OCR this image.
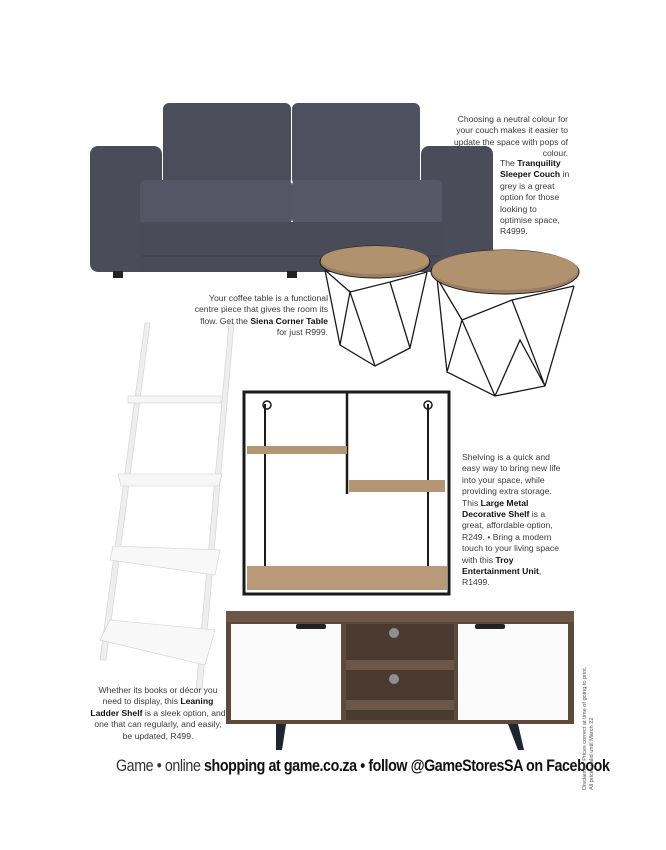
Choosing a neutral colour for your couch makes it easier to update the space with pops of colour.
The Tranquility Sleeper Couch in grey is a great option for those looking to optimise space, R4999.
Your coffee table is a functional centre piece that gives the room its flow. Get the Siena Corner Table for just R999.
Shelving is a quick and easy way to bring new life into your space, while providing extra storage. This Large Metal Decorative Shelf is a great, affordable option, R249. • Bring a modern touch to your living space with this Troy Entertainment Unit, R1499.
Whether its books or décor you need to display, this Leaning Ladder Shelf is a sleek option, and one that can regularly, and easily, be updated, R499.
Game • online shopping at game.co.za • follow @GameStoresSA on Facebook
Disclaimer: Prices correct at time of going to print. All prices valid until March 22
